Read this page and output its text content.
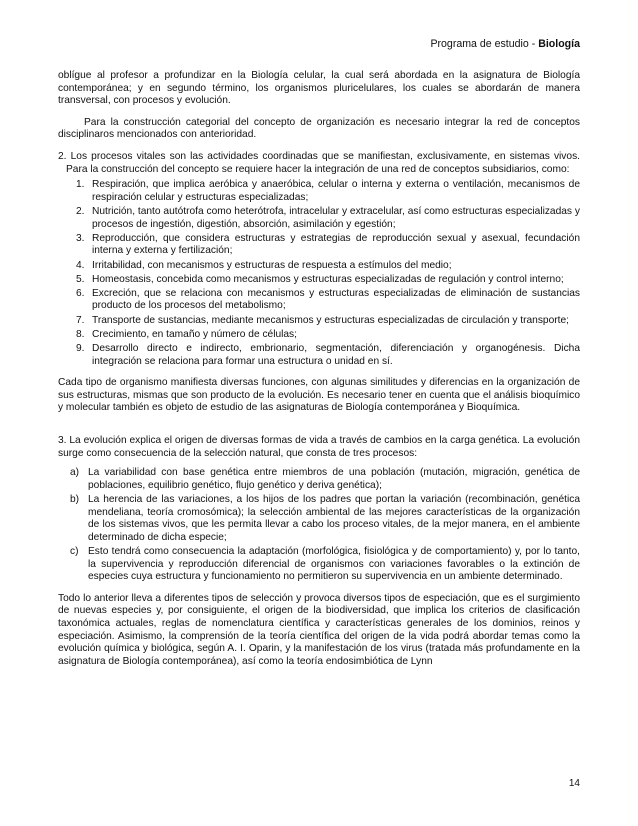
Programa de estudio - Biología

oblígue al profesor a profundizar en la Biología celular, la cual será abordada en la asignatura de Biología contemporánea; y en segundo término, los organismos pluricelulares, los cuales se abordarán de manera transversal, con procesos y evolución.

Para la construcción categorial del concepto de organización es necesario integrar la red de conceptos disciplinaros mencionados con anterioridad.

2. Los procesos vitales son las actividades coordinadas que se manifiestan, exclusivamente, en sistemas vivos. Para la construcción del concepto se requiere hacer la integración de una red de conceptos subsidiarios, como:

1. Respiración, que implica aeróbica y anaeróbica, celular o interna y externa o ventilación, mecanismos de respiración celular y estructuras especializadas;
2. Nutrición, tanto autótrofa como heterótrofa, intracelular y extracelular, así como estructuras especializadas y procesos de ingestión, digestión, absorción, asimilación y egestión;
3. Reproducción, que considera estructuras y estrategias de reproducción sexual y asexual, fecundación interna y externa y fertilización;
4. Irritabilidad, con mecanismos y estructuras de respuesta a estímulos del medio;
5. Homeostasis, concebida como mecanismos y estructuras especializadas de regulación y control interno;
6. Excreción, que se relaciona con mecanismos y estructuras especializadas de eliminación de sustancias producto de los procesos del metabolismo;
7. Transporte de sustancias, mediante mecanismos y estructuras especializadas de circulación y transporte;
8. Crecimiento, en tamaño y número de células;
9. Desarrollo directo e indirecto, embrionario, segmentación, diferenciación y organogénesis. Dicha integración se relaciona para formar una estructura o unidad en sí.

Cada tipo de organismo manifiesta diversas funciones, con algunas similitudes y diferencias en la organización de sus estructuras, mismas que son producto de la evolución. Es necesario tener en cuenta que el análisis bioquímico y molecular también es objeto de estudio de las asignaturas de Biología contemporánea y Bioquímica.

3. La evolución explica el origen de diversas formas de vida a través de cambios en la carga genética. La evolución surge como consecuencia de la selección natural, que consta de tres procesos:

a) La variabilidad con base genética entre miembros de una población (mutación, migración, genética de poblaciones, equilibrio genético, flujo genético y deriva genética);
b) La herencia de las variaciones, a los hijos de los padres que portan la variación (recombinación, genética mendeliana, teoría cromosómica); la selección ambiental de las mejores características de la organización de los sistemas vivos, que les permita llevar a cabo los proceso vitales, de la mejor manera, en el ambiente determinado de dicha especie;
c) Esto tendrá como consecuencia la adaptación (morfológica, fisiológica y de comportamiento) y, por lo tanto, la supervivencia y reproducción diferencial de organismos con variaciones favorables o la extinción de especies cuya estructura y funcionamiento no permitieron su supervivencia en un ambiente determinado.

Todo lo anterior lleva a diferentes tipos de selección y provoca diversos tipos de especiación, que es el surgimiento de nuevas especies y, por consiguiente, el origen de la biodiversidad, que implica los criterios de clasificación taxonómica actuales, reglas de nomenclatura científica y características generales de los dominios, reinos y especiación. Asimismo, la comprensión de la teoría científica del origen de la vida podrá abordar temas como la evolución química y biológica, según A. I. Oparin, y la manifestación de los virus (tratada más profundamente en la asignatura de Biología contemporánea), así como la teoría endosimbiótica de Lynn

14
